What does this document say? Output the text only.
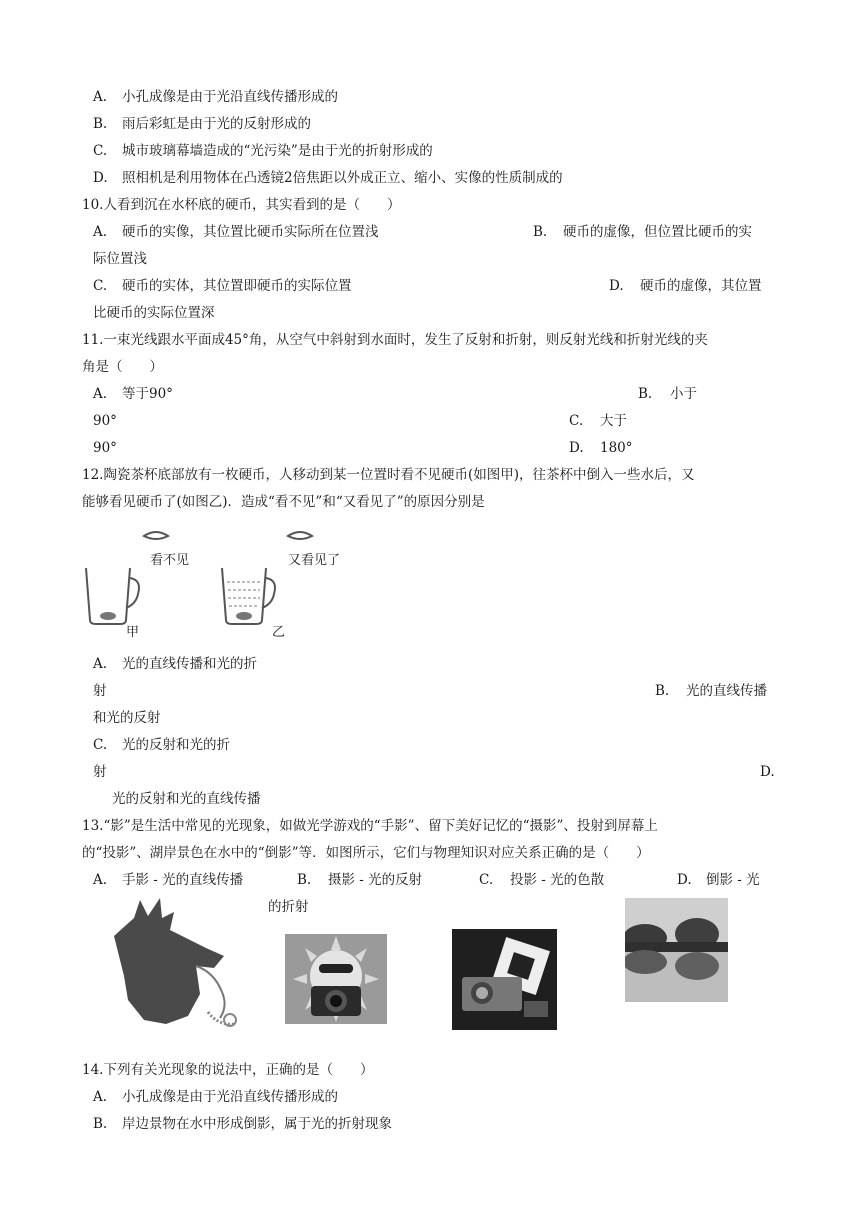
A. 小孔成像是由于光沿直线传播形成的
B. 雨后彩虹是由于光的反射形成的
C. 城市玻璃幕墙造成的“光污染”是由于光的折射形成的
D. 照相机是利用物体在凸透镜2倍焦距以外成正立、缩小、实像的性质制成的
10.人看到沉在水杯底的硬币，其实看到的是（　　）
A. 硬币的实像，其位置比硬币实际所在位置浅	B. 硬币的虚像，但位置比硬币的实
际位置浅
C. 硬币的实体，其位置即硬币的实际位置	D. 硬币的虚像，其位置
比硬币的实际位置深
11.一束光线跟水平面成45°角，从空气中斜射到水面时，发生了反射和折射，则反射光线和折射光线的夹
角是（　　）
A. 等于90°	B. 小于
90°	C. 大于
90°	D. 180°
12.陶瓷茶杯底部放有一枚硬币，人移动到某一位置时看不见硬币(如图甲)，往茶杯中倒入一些水后，又
能够看见硬币了(如图乙)．造成“看不见”和“又看见了”的原因分别是
看不见	又看见了
甲	乙
A. 光的直线传播和光的折
射	B. 光的直线传播
和光的反射
C. 光的反射和光的折
射	D.
光的反射和光的直线传播
13.“影”是生活中常见的光现象，如做光学游戏的“手影”、留下美好记忆的“摄影”、投射到屏幕上
的“投影”、湖岸景色在水中的“倒影”等．如图所示，它们与物理知识对应关系正确的是（　　）
A. 手影 - 光的直线传播	B. 摄影 - 光的反射	C. 投影 - 光的色散	D. 倒影 - 光
的折射
14.下列有关光现象的说法中，正确的是（　　）
A. 小孔成像是由于光沿直线传播形成的
B. 岸边景物在水中形成倒影，属于光的折射现象
